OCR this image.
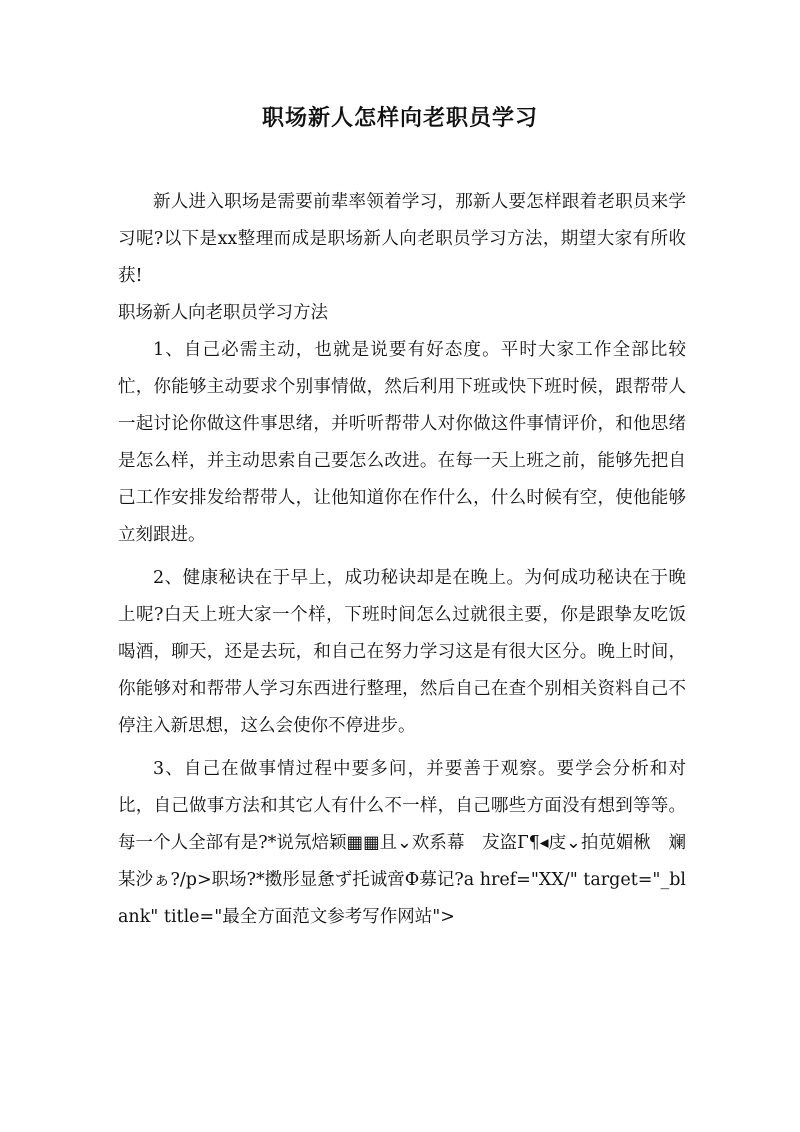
职场新人怎样向老职员学习

新人进入职场是需要前辈率领着学习，那新人要怎样跟着老职员来学习呢?以下是xx整理而成是职场新人向老职员学习方法，期望大家有所收获!

职场新人向老职员学习方法

1、自己必需主动，也就是说要有好态度。平时大家工作全部比较忙，你能够主动要求个别事情做，然后利用下班或快下班时候，跟帮带人一起讨论你做这件事思绪，并听听帮带人对你做这件事情评价，和他思绪是怎么样，并主动思索自己要怎么改进。在每一天上班之前，能够先把自己工作安排发给帮带人，让他知道你在作什么，什么时候有空，使他能够立刻跟进。

2、健康秘诀在于早上，成功秘诀却是在晚上。为何成功秘诀在于晚上呢?白天上班大家一个样，下班时间怎么过就很主要，你是跟挚友吃饭喝酒，聊天，还是去玩，和自己在努力学习这是有很大区分。晚上时间，你能够对和帮带人学习东西进行整理，然后自己在查个别相关资料自己不停注入新思想，这么会使你不停进步。

3、自己在做事情过程中要多问，并要善于观察。要学会分析和对比，自己做事方法和其它人有什么不一样，自己哪些方面没有想到等等。每一个人全部有是?*说氖焙颖▦▦且⌄欢系幕　犮盗Г¶◂庋⌄拍苋媚楸　斓某沙ぁ?/p>职场?*擞彤显惫ず托诚啻Ф募记?a href="XX/" target="_blank" title="最全方面范文参考写作网站">
